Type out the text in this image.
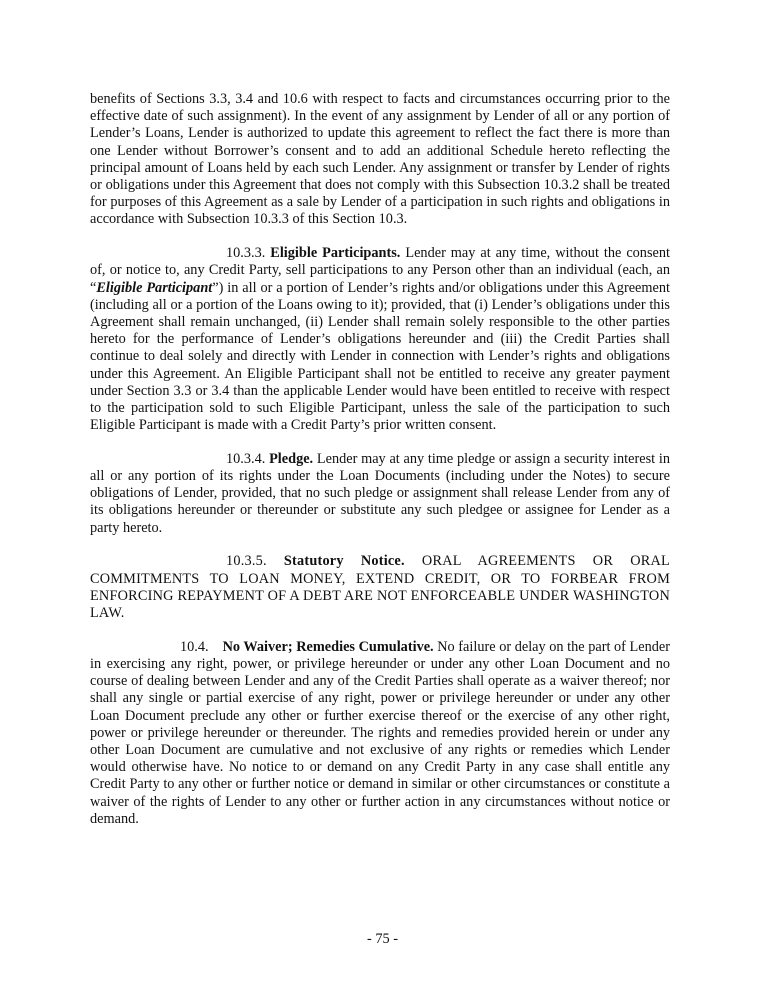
benefits of Sections 3.3, 3.4 and 10.6 with respect to facts and circumstances occurring prior to the effective date of such assignment). In the event of any assignment by Lender of all or any portion of Lender’s Loans, Lender is authorized to update this agreement to reflect the fact there is more than one Lender without Borrower’s consent and to add an additional Schedule hereto reflecting the principal amount of Loans held by each such Lender. Any assignment or transfer by Lender of rights or obligations under this Agreement that does not comply with this Subsection 10.3.2 shall be treated for purposes of this Agreement as a sale by Lender of a participation in such rights and obligations in accordance with Subsection 10.3.3 of this Section 10.3.

10.3.3. Eligible Participants. Lender may at any time, without the consent of, or notice to, any Credit Party, sell participations to any Person other than an individual (each, an “Eligible Participant”) in all or a portion of Lender’s rights and/or obligations under this Agreement (including all or a portion of the Loans owing to it); provided, that (i) Lender’s obligations under this Agreement shall remain unchanged, (ii) Lender shall remain solely responsible to the other parties hereto for the performance of Lender’s obligations hereunder and (iii) the Credit Parties shall continue to deal solely and directly with Lender in connection with Lender’s rights and obligations under this Agreement. An Eligible Participant shall not be entitled to receive any greater payment under Section 3.3 or 3.4 than the applicable Lender would have been entitled to receive with respect to the participation sold to such Eligible Participant, unless the sale of the participation to such Eligible Participant is made with a Credit Party’s prior written consent.

10.3.4. Pledge. Lender may at any time pledge or assign a security interest in all or any portion of its rights under the Loan Documents (including under the Notes) to secure obligations of Lender, provided, that no such pledge or assignment shall release Lender from any of its obligations hereunder or thereunder or substitute any such pledgee or assignee for Lender as a party hereto.

10.3.5. Statutory Notice. ORAL AGREEMENTS OR ORAL COMMITMENTS TO LOAN MONEY, EXTEND CREDIT, OR TO FORBEAR FROM ENFORCING REPAYMENT OF A DEBT ARE NOT ENFORCEABLE UNDER WASHINGTON LAW.

10.4. No Waiver; Remedies Cumulative. No failure or delay on the part of Lender in exercising any right, power, or privilege hereunder or under any other Loan Document and no course of dealing between Lender and any of the Credit Parties shall operate as a waiver thereof; nor shall any single or partial exercise of any right, power or privilege hereunder or under any other Loan Document preclude any other or further exercise thereof or the exercise of any other right, power or privilege hereunder or thereunder. The rights and remedies provided herein or under any other Loan Document are cumulative and not exclusive of any rights or remedies which Lender would otherwise have. No notice to or demand on any Credit Party in any case shall entitle any Credit Party to any other or further notice or demand in similar or other circumstances or constitute a waiver of the rights of Lender to any other or further action in any circumstances without notice or demand.

- 75 -
